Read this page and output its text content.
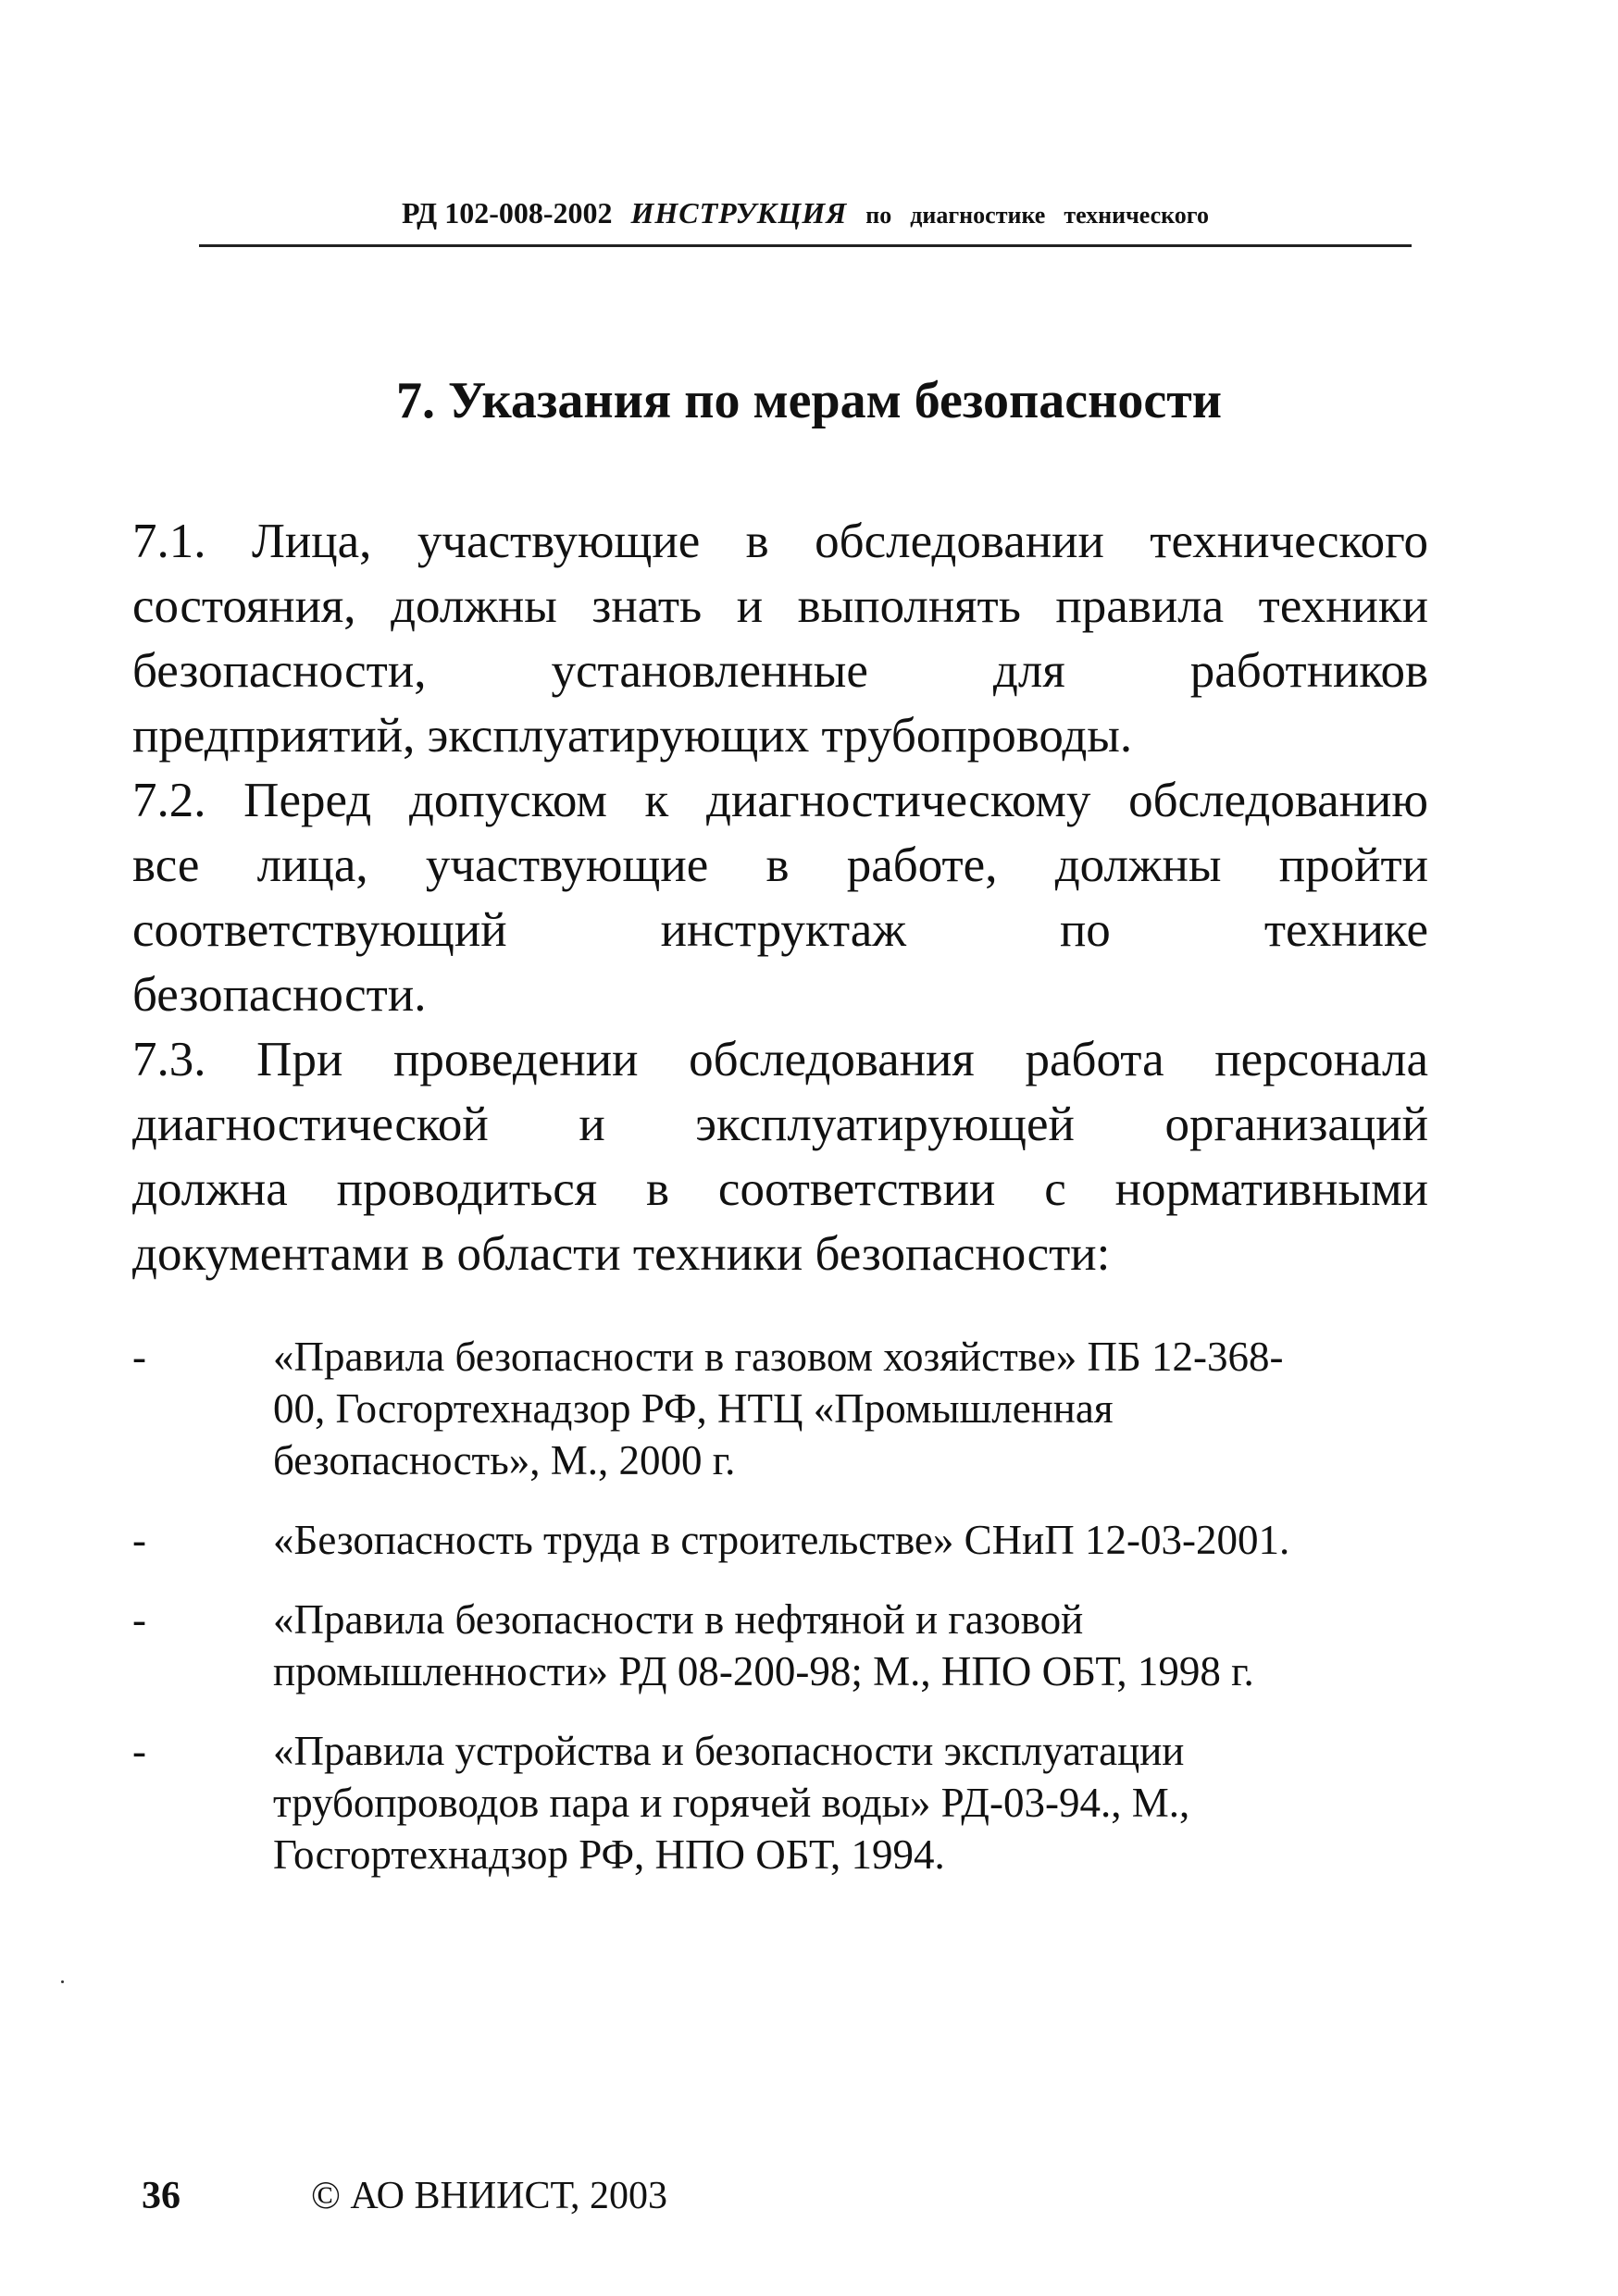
РД 102-008-2002 ИНСТРУКЦИЯ по диагностике технического
7. Указания по мерам безопасности

7.1. Лица, участвующие в обследовании технического
состояния, должны знать и выполнять правила техники
безопасности, установленные для работников
предприятий, эксплуатирующих трубопроводы.

7.2. Перед допуском к диагностическому обследованию
все лица, участвующие в работе, должны пройти
соответствующий инструктаж по технике
безопасности.

7.3. При проведении обследования работа персонала
диагностической и эксплуатирующей организаций
должна проводиться в соответствии с нормативными
документами в области техники безопасности:

-	«Правила безопасности в газовом хозяйстве» ПБ 12-368-
00, Госгортехнадзор РФ, НТЦ «Промышленная
безопасность», М., 2000 г.
-	«Безопасность труда в строительстве» СНиП 12-03-2001.
-	«Правила безопасности в нефтяной и газовой
промышленности» РД 08-200-98; М., НПО ОБТ, 1998 г.
-	«Правила устройства и безопасности эксплуатации
трубопроводов пара и горячей воды» РД-03-94., М.,
Госгортехнадзор РФ, НПО ОБТ, 1994.
36	© АО ВНИИСТ, 2003
